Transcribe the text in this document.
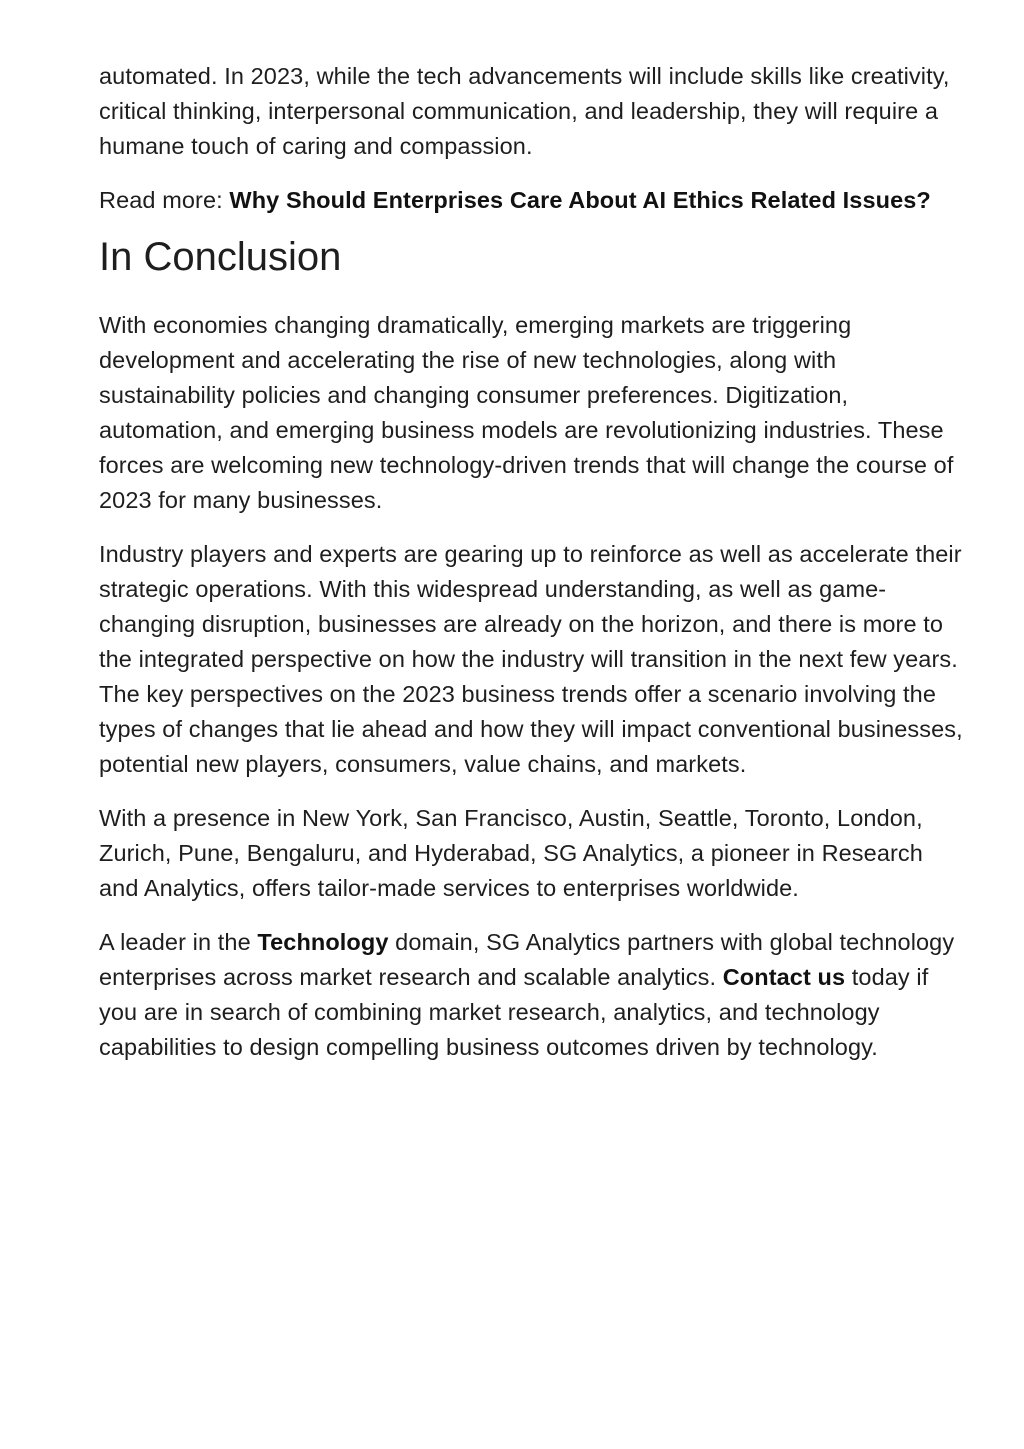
automated. In 2023, while the tech advancements will include skills like creativity, critical thinking, interpersonal communication, and leadership, they will require a humane touch of caring and compassion.

Read more: Why Should Enterprises Care About AI Ethics Related Issues?

In Conclusion

With economies changing dramatically, emerging markets are triggering development and accelerating the rise of new technologies, along with sustainability policies and changing consumer preferences. Digitization, automation, and emerging business models are revolutionizing industries. These forces are welcoming new technology-driven trends that will change the course of 2023 for many businesses.

Industry players and experts are gearing up to reinforce as well as accelerate their strategic operations. With this widespread understanding, as well as game-changing disruption, businesses are already on the horizon, and there is more to the integrated perspective on how the industry will transition in the next few years. The key perspectives on the 2023 business trends offer a scenario involving the types of changes that lie ahead and how they will impact conventional businesses, potential new players, consumers, value chains, and markets.

With a presence in New York, San Francisco, Austin, Seattle, Toronto, London, Zurich, Pune, Bengaluru, and Hyderabad, SG Analytics, a pioneer in Research and Analytics, offers tailor-made services to enterprises worldwide.

A leader in the Technology domain, SG Analytics partners with global technology enterprises across market research and scalable analytics. Contact us today if you are in search of combining market research, analytics, and technology capabilities to design compelling business outcomes driven by technology.
